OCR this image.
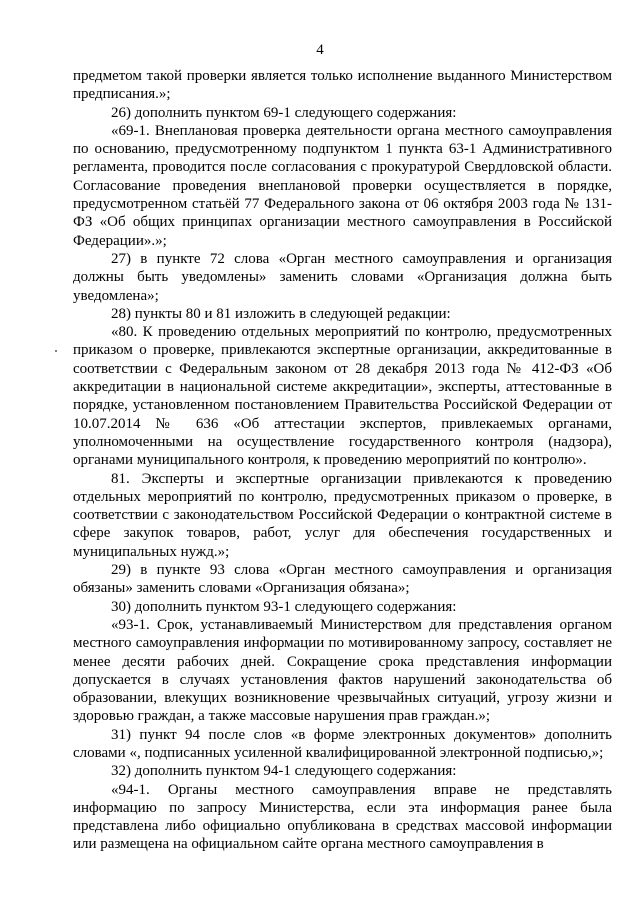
4

предметом такой проверки является только исполнение выданного Министерством предписания.»;

26) дополнить пунктом 69-1 следующего содержания:

«69-1. Внеплановая проверка деятельности органа местного самоуправления по основанию, предусмотренному подпунктом 1 пункта 63-1 Административного регламента, проводится после согласования с прокуратурой Свердловской области. Согласование проведения внеплановой проверки осуществляется в порядке, предусмотренном статьёй 77 Федерального закона от 06 октября 2003 года № 131-ФЗ «Об общих принципах организации местного самоуправления в Российской Федерации».»;

27) в пункте 72 слова «Орган местного самоуправления и организация должны быть уведомлены» заменить словами «Организация должна быть уведомлена»;

28) пункты 80 и 81 изложить в следующей редакции:

«80. К проведению отдельных мероприятий по контролю, предусмотренных приказом о проверке, привлекаются экспертные организации, аккредитованные в соответствии с Федеральным законом от 28 декабря 2013 года № 412-ФЗ «Об аккредитации в национальной системе аккредитации», эксперты, аттестованные в порядке, установленном постановлением Правительства Российской Федерации от 10.07.2014 № 636 «Об аттестации экспертов, привлекаемых органами, уполномоченными на осуществление государственного контроля (надзора), органами муниципального контроля, к проведению мероприятий по контролю».

81. Эксперты и экспертные организации привлекаются к проведению отдельных мероприятий по контролю, предусмотренных приказом о проверке, в соответствии с законодательством Российской Федерации о контрактной системе в сфере закупок товаров, работ, услуг для обеспечения государственных и муниципальных нужд.»;

29) в пункте 93 слова «Орган местного самоуправления и организация обязаны» заменить словами «Организация обязана»;

30) дополнить пунктом 93-1 следующего содержания:

«93-1. Срок, устанавливаемый Министерством для представления органом местного самоуправления информации по мотивированному запросу, составляет не менее десяти рабочих дней. Сокращение срока представления информации допускается в случаях установления фактов нарушений законодательства об образовании, влекущих возникновение чрезвычайных ситуаций, угрозу жизни и здоровью граждан, а также массовые нарушения прав граждан.»;

31) пункт 94 после слов «в форме электронных документов» дополнить словами «, подписанных усиленной квалифицированной электронной подписью,»;

32) дополнить пунктом 94-1 следующего содержания:

«94-1. Органы местного самоуправления вправе не представлять информацию по запросу Министерства, если эта информация ранее была представлена либо официально опубликована в средствах массовой информации или размещена на официальном сайте органа местного самоуправления в
